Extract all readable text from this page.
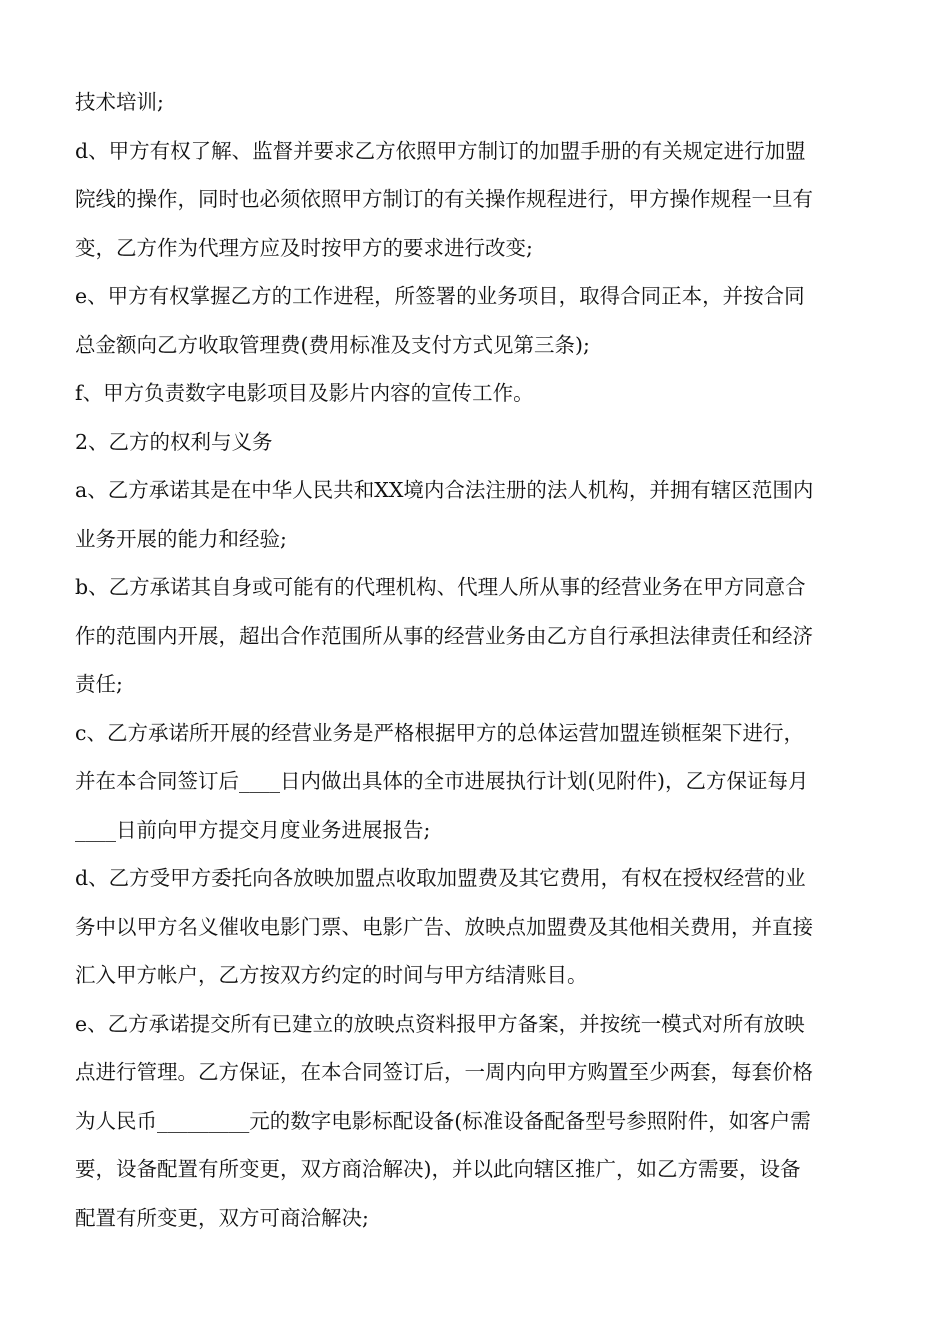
技术培训;
d、甲方有权了解、监督并要求乙方依照甲方制订的加盟手册的有关规定进行加盟
院线的操作，同时也必须依照甲方制订的有关操作规程进行，甲方操作规程一旦有
变，乙方作为代理方应及时按甲方的要求进行改变;
e、甲方有权掌握乙方的工作进程，所签署的业务项目，取得合同正本，并按合同
总金额向乙方收取管理费(费用标准及支付方式见第三条);
f、甲方负责数字电影项目及影片内容的宣传工作。
2、乙方的权利与义务
a、乙方承诺其是在中华人民共和XX境内合法注册的法人机构，并拥有辖区范围内
业务开展的能力和经验;
b、乙方承诺其自身或可能有的代理机构、代理人所从事的经营业务在甲方同意合
作的范围内开展，超出合作范围所从事的经营业务由乙方自行承担法律责任和经济
责任;
c、乙方承诺所开展的经营业务是严格根据甲方的总体运营加盟连锁框架下进行，
并在本合同签订后____日内做出具体的全市进展执行计划(见附件)，乙方保证每月
____日前向甲方提交月度业务进展报告;
d、乙方受甲方委托向各放映加盟点收取加盟费及其它费用，有权在授权经营的业
务中以甲方名义催收电影门票、电影广告、放映点加盟费及其他相关费用，并直接
汇入甲方帐户，乙方按双方约定的时间与甲方结清账目。
e、乙方承诺提交所有已建立的放映点资料报甲方备案，并按统一模式对所有放映
点进行管理。乙方保证，在本合同签订后，一周内向甲方购置至少两套，每套价格
为人民币_________元的数字电影标配设备(标准设备配备型号参照附件，如客户需
要，设备配置有所变更，双方商洽解决)，并以此向辖区推广，如乙方需要，设备
配置有所变更，双方可商洽解决;
